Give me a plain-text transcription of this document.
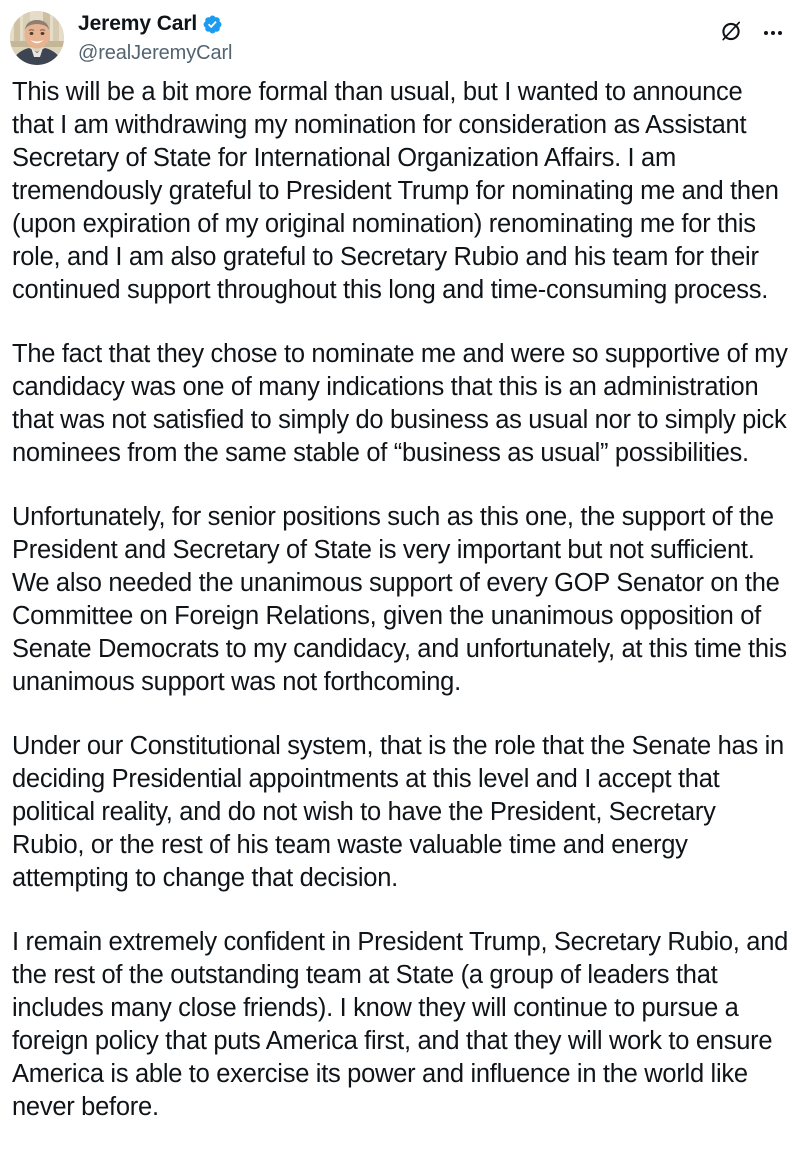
Jeremy Carl
@realJeremyCarl

This will be a bit more formal than usual, but I wanted to announce that I am withdrawing my nomination for consideration as Assistant Secretary of State for International Organization Affairs. I am tremendously grateful to President Trump for nominating me and then (upon expiration of my original nomination) renominating me for this role, and I am also grateful to Secretary Rubio and his team for their continued support throughout this long and time-consuming process.

The fact that they chose to nominate me and were so supportive of my candidacy was one of many indications that this is an administration that was not satisfied to simply do business as usual nor to simply pick nominees from the same stable of “business as usual” possibilities.

Unfortunately, for senior positions such as this one, the support of the President and Secretary of State is very important but not sufficient. We also needed the unanimous support of every GOP Senator on the Committee on Foreign Relations, given the unanimous opposition of Senate Democrats to my candidacy, and unfortunately, at this time this unanimous support was not forthcoming.

Under our Constitutional system, that is the role that the Senate has in deciding Presidential appointments at this level and I accept that political reality, and do not wish to have the President, Secretary Rubio, or the rest of his team waste valuable time and energy attempting to change that decision.

I remain extremely confident in President Trump, Secretary Rubio, and the rest of the outstanding team at State (a group of leaders that includes many close friends). I know they will continue to pursue a foreign policy that puts America first, and that they will work to ensure America is able to exercise its power and influence in the world like never before.
